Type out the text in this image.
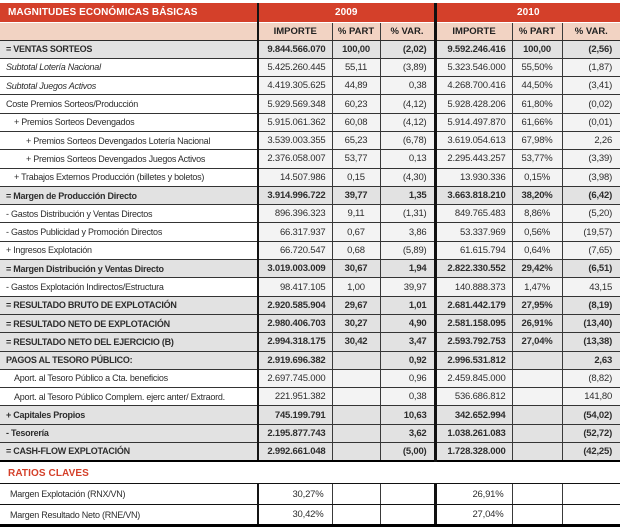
MAGNITUDES ECONÓMICAS BÁSICAS	2009			2010		
	IMPORTE	% PART	% VAR.	IMPORTE	% PART	% VAR.
= VENTAS SORTEOS	9.844.566.070	100,00	(2,02)	9.592.246.416	100,00	(2,56)
Subtotal Lotería Nacional	5.425.260.445	55,11	(3,89)	5.323.546.000	55,50%	(1,87)
Subtotal Juegos Activos	4.419.305.625	44,89	0,38	4.268.700.416	44,50%	(3,41)
Coste Premios Sorteos/Producción	5.929.569.348	60,23	(4,12)	5.928.428.206	61,80%	(0,02)
+ Premios Sorteos Devengados	5.915.061.362	60,08	(4,12)	5.914.497.870	61,66%	(0,01)
+ Premios Sorteos Devengados Lotería Nacional	3.539.003.355	65,23	(6,78)	3.619.054.613	67,98%	2,26
+ Premios Sorteos Devengados Juegos Activos	2.376.058.007	53,77	0,13	2.295.443.257	53,77%	(3,39)
+ Trabajos Externos Producción (billetes y boletos)	14.507.986	0,15	(4,30)	13.930.336	0,15%	(3,98)
= Margen de Producción Directo	3.914.996.722	39,77	1,35	3.663.818.210	38,20%	(6,42)
- Gastos Distribución y Ventas Directos	896.396.323	9,11	(1,31)	849.765.483	8,86%	(5,20)
- Gastos Publicidad y Promoción Directos	66.317.937	0,67	3,86	53.337.969	0,56%	(19,57)
+ Ingresos Explotación	66.720.547	0,68	(5,89)	61.615.794	0,64%	(7,65)
= Margen Distribución y Ventas Directo	3.019.003.009	30,67	1,94	2.822.330.552	29,42%	(6,51)
- Gastos Explotación Indirectos/Estructura	98.417.105	1,00	39,97	140.888.373	1,47%	43,15
= RESULTADO BRUTO DE EXPLOTACIÓN	2.920.585.904	29,67	1,01	2.681.442.179	27,95%	(8,19)
= RESULTADO NETO DE EXPLOTACIÓN	2.980.406.703	30,27	4,90	2.581.158.095	26,91%	(13,40)
= RESULTADO NETO DEL EJERCICIO (B)	2.994.318.175	30,42	3,47	2.593.792.753	27,04%	(13,38)
PAGOS AL TESORO PÚBLICO:	2.919.696.382		0,92	2.996.531.812		2,63
Aport. al Tesoro Público a Cta. beneficios	2.697.745.000		0,96	2.459.845.000		(8,82)
Aport. al Tesoro Público Complem. ejerc anter/ Extraord.	221.951.382		0,38	536.686.812		141,80
+ Capitales Propios	745.199.791		10,63	342.652.994		(54,02)
- Tesorería	2.195.877.743		3,62	1.038.261.083		(52,72)
= CASH-FLOW EXPLOTACIÓN	2.992.661.048		(5,00)	1.728.328.000		(42,25)
RATIOS CLAVES
Margen Explotación (RNX/VN)	30,27%			26,91%		
Margen Resultado Neto (RNE/VN)	30,42%			27,04%		
